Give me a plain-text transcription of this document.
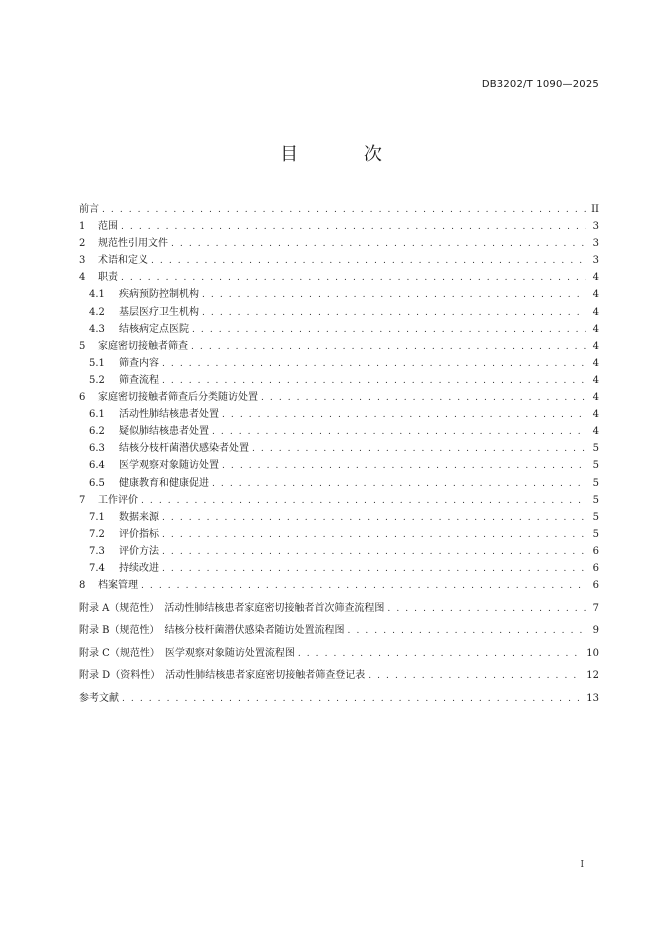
DB3202/T 1090—2025
目 次
前言 . . .	II
1	范围 . . .	3
2	规范性引用文件 . . .	3
3	术语和定义 . . .	3
4	职责 . . .	4
4.1	疾病预防控制机构 . . .	4
4.2	基层医疗卫生机构 . . .	4
4.3	结核病定点医院 . . .	4
5	家庭密切接触者筛查 . . .	4
5.1	筛查内容 . . .	4
5.2	筛查流程 . . .	4
6	家庭密切接触者筛查后分类随访处置 . . .	4
6.1	活动性肺结核患者处置 . . .	4
6.2	疑似肺结核患者处置 . . .	4
6.3	结核分枝杆菌潜伏感染者处置 . . .	5
6.4	医学观察对象随访处置 . . .	5
6.5	健康教育和健康促进 . . .	5
7	工作评价 . . .	5
7.1	数据来源 . . .	5
7.2	评价指标 . . .	5
7.3	评价方法 . . .	6
7.4	持续改进 . . .	6
8	档案管理 . . .	6
附录 A（规范性）　活动性肺结核患者家庭密切接触者首次筛查流程图 . . .	7
附录 B（规范性）　结核分枝杆菌潜伏感染者随访处置流程图 . . .	9
附录 C（规范性）　医学观察对象随访处置流程图 . . .	10
附录 D（资料性）　活动性肺结核患者家庭密切接触者筛查登记表 . . .	12
参考文献 . . .	13
I
